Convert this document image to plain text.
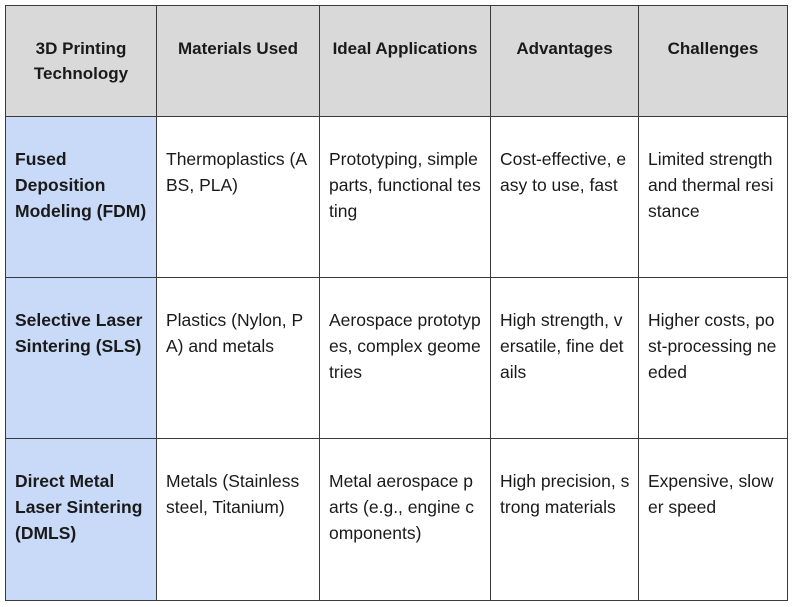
3D Printing Technology	Materials Used	Ideal Applications	Advantages	Challenges

Fused Deposition Modeling (FDM)	Thermoplastics (ABS, PLA)	Prototyping, simple parts, functional testing	Cost-effective, easy to use, fast	Limited strength and thermal resistance
Selective Laser Sintering (SLS)	Plastics (Nylon, PA) and metals	Aerospace prototypes, complex geometries	High strength, versatile, fine details	Higher costs, post-processing needed
Direct Metal Laser Sintering (DMLS)	Metals (Stainless steel, Titanium)	Metal aerospace parts (e.g., engine components)	High precision, strong materials	Expensive, slower speed
